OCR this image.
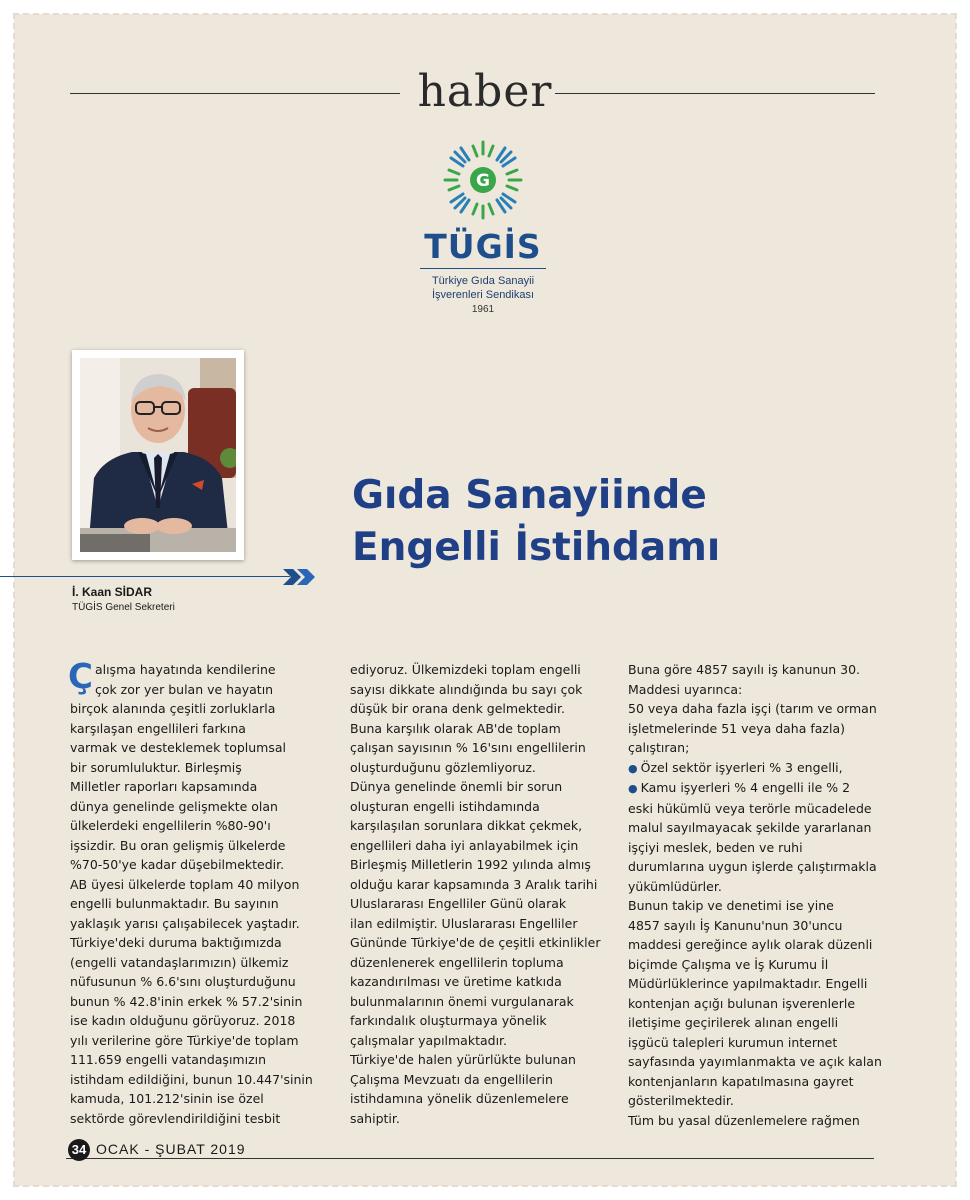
haber
G
TÜGİS
Türkiye Gıda Sanayii
İşverenleri Sendikası
1961
Gıda Sanayiinde
Engelli İstihdamı
İ. Kaan SİDAR
TÜGİS Genel Sekreteri
Ç alışma hayatında kendilerine
çok zor yer bulan ve hayatın
birçok alanında çeşitli zorluklarla
karşılaşan engellileri farkına
varmak ve desteklemek toplumsal
bir sorumluluktur. Birleşmiş
Milletler raporları kapsamında
dünya genelinde gelişmekte olan
ülkelerdeki engellilerin %80-90'ı
işsizdir. Bu oran gelişmiş ülkelerde
%70-50'ye kadar düşebilmektedir.
AB üyesi ülkelerde toplam 40 milyon
engelli bulunmaktadır. Bu sayının
yaklaşık yarısı çalışabilecek yaştadır.
Türkiye'deki duruma baktığımızda
(engelli vatandaşlarımızın) ülkemiz
nüfusunun % 6.6'sını oluşturduğunu
bunun % 42.8'inin erkek % 57.2'sinin
ise kadın olduğunu görüyoruz. 2018
yılı verilerine göre Türkiye'de toplam
111.659 engelli vatandaşımızın
istihdam edildiğini, bunun 10.447'sinin
kamuda, 101.212'sinin ise özel
sektörde görevlendirildiğini tesbit

ediyoruz. Ülkemizdeki toplam engelli
sayısı dikkate alındığında bu sayı çok
düşük bir orana denk gelmektedir.
Buna karşılık olarak AB'de toplam
çalışan sayısının % 16'sını engellilerin
oluşturduğunu gözlemliyoruz.
Dünya genelinde önemli bir sorun
oluşturan engelli istihdamında
karşılaşılan sorunlara dikkat çekmek,
engellileri daha iyi anlayabilmek için
Birleşmiş Milletlerin 1992 yılında almış
olduğu karar kapsamında 3 Aralık tarihi
Uluslararası Engelliler Günü olarak
ilan edilmiştir. Uluslararası Engelliler
Gününde Türkiye'de de çeşitli etkinlikler
düzenlenerek engellilerin topluma
kazandırılması ve üretime katkıda
bulunmalarının önemi vurgulanarak
farkındalık oluşturmaya yönelik
çalışmalar yapılmaktadır.
Türkiye'de halen yürürlükte bulunan
Çalışma Mevzuatı da engellilerin
istihdamına yönelik düzenlemelere
sahiptir.

Buna göre 4857 sayılı iş kanunun 30.
Maddesi uyarınca:
50 veya daha fazla işçi (tarım ve orman
işletmelerinde 51 veya daha fazla)
çalıştıran;

● Özel sektör işyerleri % 3 engelli,

● Kamu işyerleri % 4 engelli ile % 2
eski hükümlü veya terörle mücadelede
malul sayılmayacak şekilde yararlanan
işçiyi meslek, beden ve ruhi
durumlarına uygun işlerde çalıştırmakla
yükümlüdürler.

Bunun takip ve denetimi ise yine
4857 sayılı İş Kanunu'nun 30'uncu
maddesi gereğince aylık olarak düzenli
biçimde Çalışma ve İş Kurumu İl
Müdürlüklerince yapılmaktadır. Engelli
kontenjan açığı bulunan işverenlerle
iletişime geçirilerek alınan engelli
işgücü talepleri kurumun internet
sayfasında yayımlanmakta ve açık kalan
kontenjanların kapatılmasına gayret
gösterilmektedir.
Tüm bu yasal düzenlemelere rağmen

34 OCAK - ŞUBAT 2019
